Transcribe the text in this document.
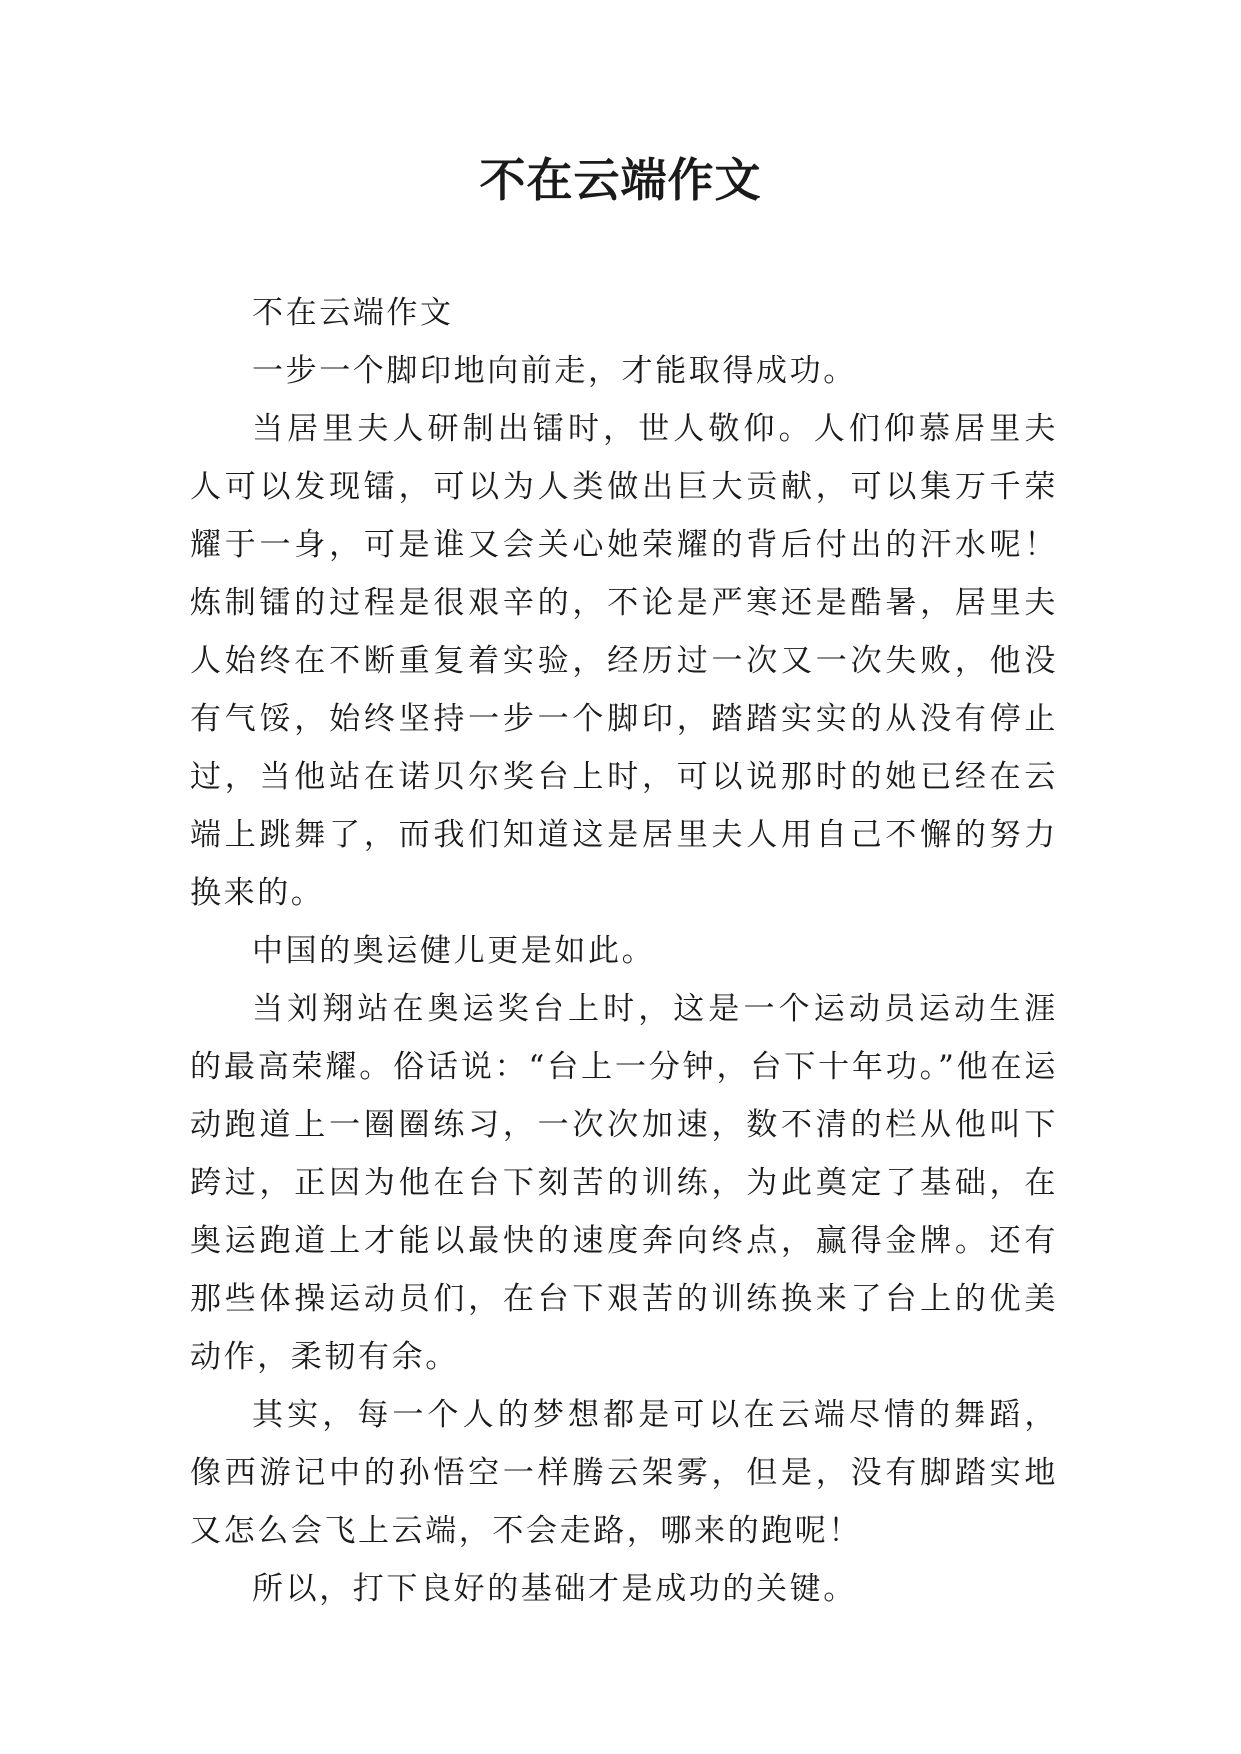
不在云端作文

不在云端作文

一步一个脚印地向前走，才能取得成功。

当居里夫人研制出镭时，世人敬仰。人们仰慕居里夫人可以发现镭，可以为人类做出巨大贡献，可以集万千荣耀于一身，可是谁又会关心她荣耀的背后付出的汗水呢！炼制镭的过程是很艰辛的，不论是严寒还是酷暑，居里夫人始终在不断重复着实验，经历过一次又一次失败，他没有气馁，始终坚持一步一个脚印，踏踏实实的从没有停止过，当他站在诺贝尔奖台上时，可以说那时的她已经在云端上跳舞了，而我们知道这是居里夫人用自己不懈的努力换来的。

中国的奥运健儿更是如此。

当刘翔站在奥运奖台上时，这是一个运动员运动生涯的最高荣耀。俗话说：“台上一分钟，台下十年功。”他在运动跑道上一圈圈练习，一次次加速，数不清的栏从他叫下跨过，正因为他在台下刻苦的训练，为此奠定了基础，在奥运跑道上才能以最快的速度奔向终点，赢得金牌。还有那些体操运动员们，在台下艰苦的训练换来了台上的优美动作，柔韧有余。

其实，每一个人的梦想都是可以在云端尽情的舞蹈，像西游记中的孙悟空一样腾云架雾，但是，没有脚踏实地又怎么会飞上云端，不会走路，哪来的跑呢！

所以，打下良好的基础才是成功的关键。
